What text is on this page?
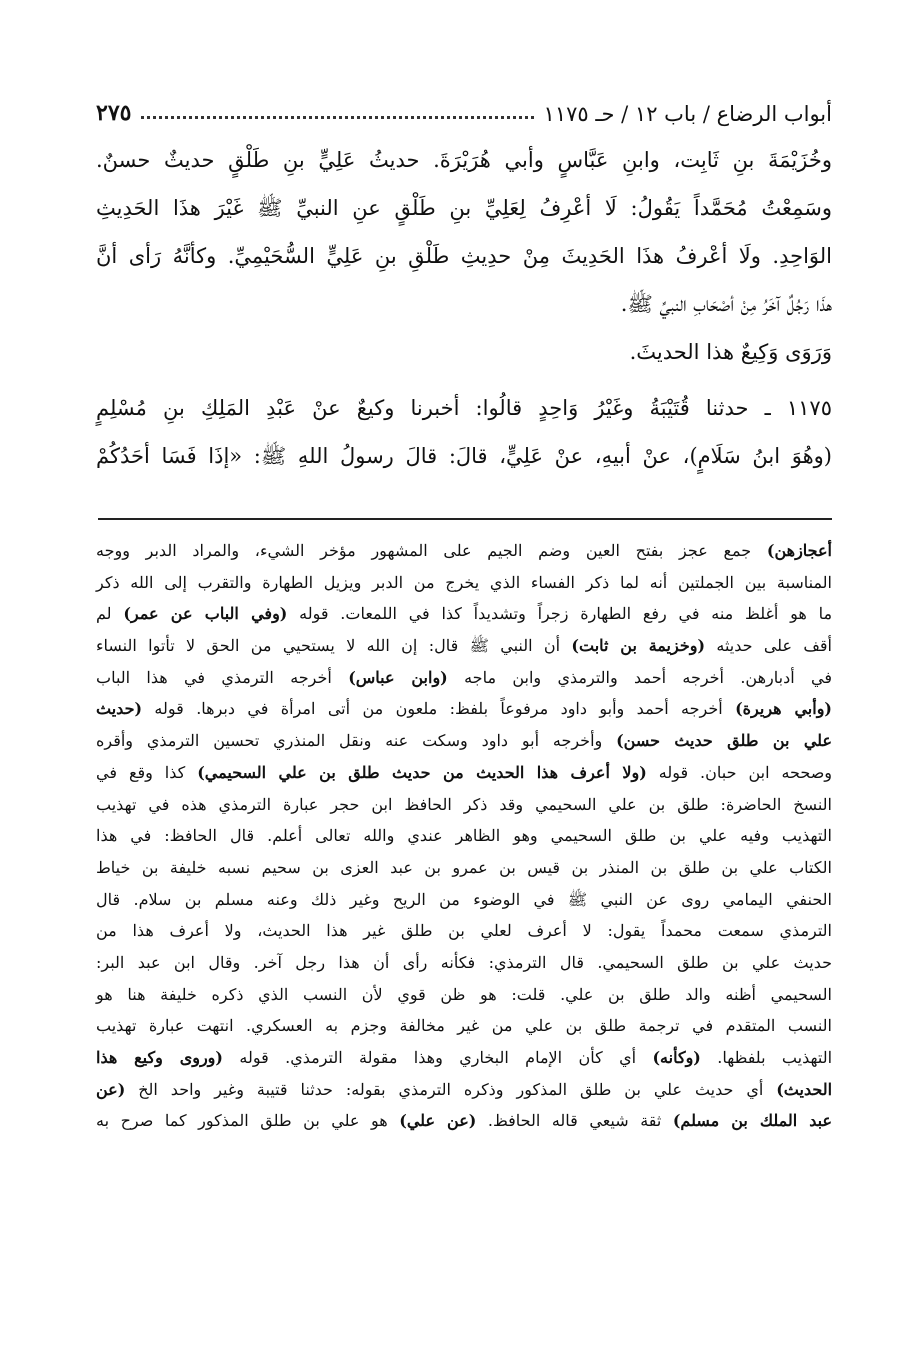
أبواب الرضاع / باب ١٢ / حـ ١١٧٥
٢٧٥
وخُزَيْمَةَ بنِ ثَابِت، وابنِ عَبَّاسٍ وأبي هُرَيْرَةَ. حديثُ عَلِيٍّ بنِ طَلْقٍ حديثٌ حسنٌ.
وسَمِعْتُ مُحَمَّداً يَقُولُ: لَا أعْرِفُ لِعَلِيِّ بنِ طَلْقٍ عنِ النبيِّ ﷺ غَيْرَ هذَا الحَدِيثِ
الوَاحِدِ. ولَا أعْرفُ هذَا الحَدِيثَ مِنْ حدِيثِ طَلْقِ بنِ عَلِيٍّ السُّحَيْمِيِّ. وكأنَّهُ رَأى أنَّ
هذَا رَجُلٌ آخَرُ مِنْ أصْحَابِ النبيِّ ﷺ.
وَرَوَى وَكِيعٌ هذا الحديثَ.
١١٧٥ ـ حدثنا قُتَيْبَةُ وغَيْرُ وَاحِدٍ قالُوا: أخبرنا وكيعٌ عنْ عَبْدِ المَلِكِ بنِ مُسْلِمٍ
(وهُوَ ابنُ سَلَامٍ)، عنْ أبيهِ، عنْ عَلِيٍّ، قالَ: قالَ رسولُ اللهِ ﷺ: «إذَا فَسَا أحَدُكُمْ
أعجازهن) جمع عجز بفتح العين وضم الجيم على المشهور مؤخر الشيء، والمراد الدبر ووجه
المناسبة بين الجملتين أنه لما ذكر الفساء الذي يخرج من الدبر ويزيل الطهارة والتقرب إلى الله ذكر
ما هو أغلظ منه في رفع الطهارة زجراً وتشديداً كذا في اللمعات. قوله (وفي الباب عن عمر) لم
أقف على حديثه (وخزيمة بن ثابت) أن النبي ﷺ قال: إن الله لا يستحيي من الحق لا تأتوا النساء
في أدبارهن. أخرجه أحمد والترمذي وابن ماجه (وابن عباس) أخرجه الترمذي في هذا الباب
(وأبي هريرة) أخرجه أحمد وأبو داود مرفوعاً بلفظ: ملعون من أتى امرأة في دبرها. قوله (حديث
علي بن طلق حديث حسن) وأخرجه أبو داود وسكت عنه ونقل المنذري تحسين الترمذي وأقره
وصححه ابن حبان. قوله (ولا أعرف هذا الحديث من حديث طلق بن علي السحيمي) كذا وقع في
النسخ الحاضرة: طلق بن علي السحيمي وقد ذكر الحافظ ابن حجر عبارة الترمذي هذه في تهذيب
التهذيب وفيه علي بن طلق السحيمي وهو الظاهر عندي والله تعالى أعلم. قال الحافظ: في هذا
الكتاب علي بن طلق بن المنذر بن قيس بن عمرو بن عبد العزى بن سحيم نسبه خليفة بن خياط
الحنفي اليمامي روى عن النبي ﷺ في الوضوء من الريح وغير ذلك وعنه مسلم بن سلام. قال
الترمذي سمعت محمداً يقول: لا أعرف لعلي بن طلق غير هذا الحديث، ولا أعرف هذا من
حديث علي بن طلق السحيمي. قال الترمذي: فكأنه رأى أن هذا رجل آخر. وقال ابن عبد البر:
السحيمي أظنه والد طلق بن علي. قلت: هو ظن قوي لأن النسب الذي ذكره خليفة هنا هو
النسب المتقدم في ترجمة طلق بن علي من غير مخالفة وجزم به العسكري. انتهت عبارة تهذيب
التهذيب بلفظها. (وكأنه) أي كأن الإمام البخاري وهذا مقولة الترمذي. قوله (وروى وكيع هذا
الحديث) أي حديث علي بن طلق المذكور وذكره الترمذي بقوله: حدثنا قتيبة وغير واحد الخ (عن
عبد الملك بن مسلم) ثقة شيعي قاله الحافظ. (عن علي) هو علي بن طلق المذكور كما صرح به
